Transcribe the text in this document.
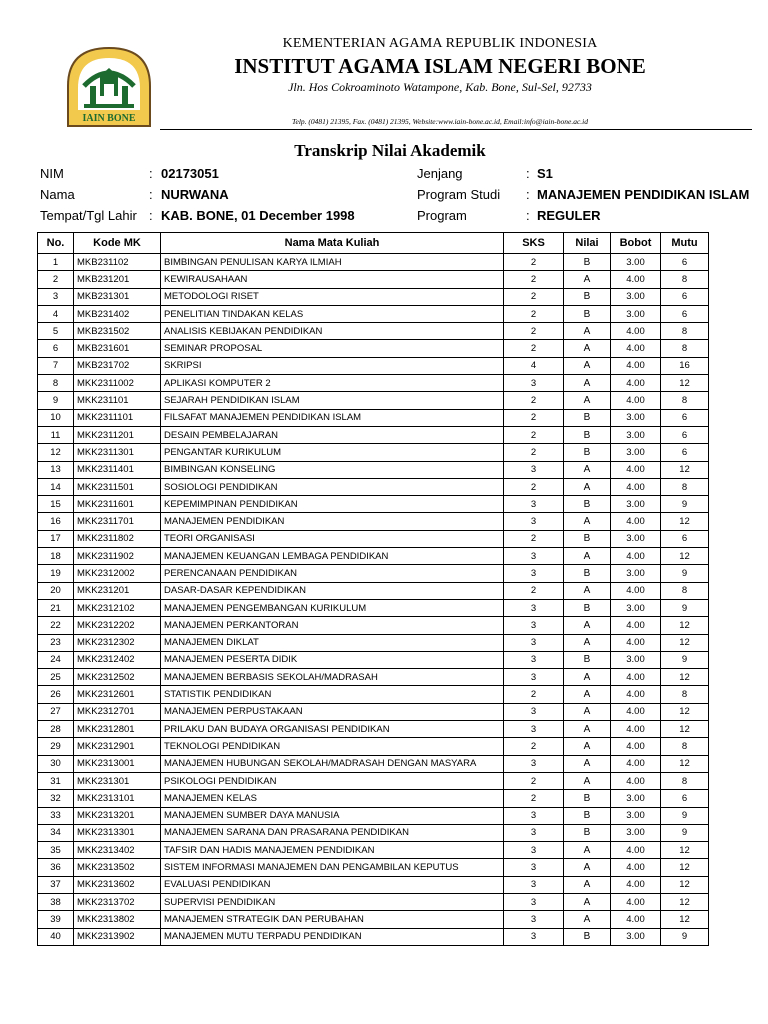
IAIN BONE
KEMENTERIAN AGAMA REPUBLIK INDONESIA
INSTITUT AGAMA ISLAM NEGERI BONE
Jln. Hos Cokroaminoto Watampone, Kab. Bone, Sul-Sel, 92733
Telp. (0481) 21395, Fax. (0481) 21395, Website:www.iain-bone.ac.id, Email:info@iain-bone.ac.id
Transkrip Nilai Akademik
NIM	: 02173051
Nama	: NURWANA
Tempat/Tgl Lahir : KAB. BONE, 01 December 1998
Jenjang	: S1
Program Studi : MANAJEMEN PENDIDIKAN ISLAM
Program	: REGULER
No.	Kode MK	Nama Mata Kuliah	SKS	Nilai	Bobot	Mutu
1	MKB231102	BIMBINGAN PENULISAN KARYA ILMIAH	2	B	3.00	6
2	MKB231201	KEWIRAUSAHAAN	2	A	4.00	8
3	MKB231301	METODOLOGI RISET	2	B	3.00	6
4	MKB231402	PENELITIAN TINDAKAN KELAS	2	B	3.00	6
5	MKB231502	ANALISIS KEBIJAKAN PENDIDIKAN	2	A	4.00	8
6	MKB231601	SEMINAR PROPOSAL	2	A	4.00	8
7	MKB231702	SKRIPSI	4	A	4.00	16
8	MKK2311002	APLIKASI KOMPUTER 2	3	A	4.00	12
9	MKK231101	SEJARAH PENDIDIKAN ISLAM	2	A	4.00	8
10	MKK2311101	FILSAFAT MANAJEMEN PENDIDIKAN ISLAM	2	B	3.00	6
11	MKK2311201	DESAIN PEMBELAJARAN	2	B	3.00	6
12	MKK2311301	PENGANTAR KURIKULUM	2	B	3.00	6
13	MKK2311401	BIMBINGAN KONSELING	3	A	4.00	12
14	MKK2311501	SOSIOLOGI PENDIDIKAN	2	A	4.00	8
15	MKK2311601	KEPEMIMPINAN PENDIDIKAN	3	B	3.00	9
16	MKK2311701	MANAJEMEN PENDIDIKAN	3	A	4.00	12
17	MKK2311802	TEORI ORGANISASI	2	B	3.00	6
18	MKK2311902	MANAJEMEN KEUANGAN LEMBAGA PENDIDIKAN	3	A	4.00	12
19	MKK2312002	PERENCANAAN PENDIDIKAN	3	B	3.00	9
20	MKK231201	DASAR-DASAR KEPENDIDIKAN	2	A	4.00	8
21	MKK2312102	MANAJEMEN PENGEMBANGAN KURIKULUM	3	B	3.00	9
22	MKK2312202	MANAJEMEN PERKANTORAN	3	A	4.00	12
23	MKK2312302	MANAJEMEN DIKLAT	3	A	4.00	12
24	MKK2312402	MANAJEMEN PESERTA DIDIK	3	B	3.00	9
25	MKK2312502	MANAJEMEN BERBASIS SEKOLAH/MADRASAH	3	A	4.00	12
26	MKK2312601	STATISTIK PENDIDIKAN	2	A	4.00	8
27	MKK2312701	MANAJEMEN PERPUSTAKAAN	3	A	4.00	12
28	MKK2312801	PRILAKU DAN BUDAYA ORGANISASI PENDIDIKAN	3	A	4.00	12
29	MKK2312901	TEKNOLOGI PENDIDIKAN	2	A	4.00	8
30	MKK2313001	MANAJEMEN HUBUNGAN SEKOLAH/MADRASAH DENGAN MASYARA	3	A	4.00	12
31	MKK231301	PSIKOLOGI PENDIDIKAN	2	A	4.00	8
32	MKK2313101	MANAJEMEN KELAS	2	B	3.00	6
33	MKK2313201	MANAJEMEN SUMBER DAYA MANUSIA	3	B	3.00	9
34	MKK2313301	MANAJEMEN SARANA DAN PRASARANA PENDIDIKAN	3	B	3.00	9
35	MKK2313402	TAFSIR DAN HADIS MANAJEMEN PENDIDIKAN	3	A	4.00	12
36	MKK2313502	SISTEM INFORMASI MANAJEMEN DAN PENGAMBILAN KEPUTUS	3	A	4.00	12
37	MKK2313602	EVALUASI PENDIDIKAN	3	A	4.00	12
38	MKK2313702	SUPERVISI PENDIDIKAN	3	A	4.00	12
39	MKK2313802	MANAJEMEN STRATEGIK DAN PERUBAHAN	3	A	4.00	12
40	MKK2313902	MANAJEMEN MUTU TERPADU PENDIDIKAN	3	B	3.00	9
